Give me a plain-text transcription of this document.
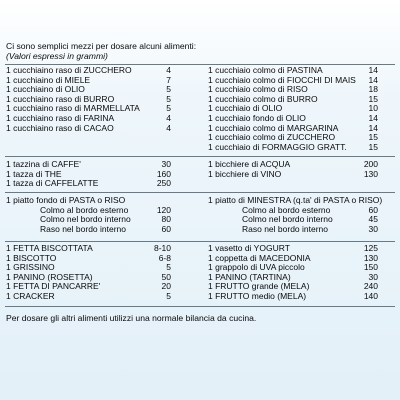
Ci sono semplici mezzi per dosare alcuni alimenti:
(Valori espressi in grammi)
1 cucchiaino raso di ZUCCHERO	4
1 cucchiaino di MIELE	7
1 cucchiaino di OLIO	5
1 cucchiaino raso di BURRO	5
1 cucchiaino raso di MARMELLATA	5
1 cucchiaino raso di FARINA	4
1 cucchiaino raso di CACAO	4
1 cucchiaio colmo di PASTINA	14
1 cucchiaio colmo di FIOCCHI DI MAIS 14
1 cucchiaio colmo di RISO	18
1 cucchiaio colmo di BURRO	15
1 cucchiaio di OLIO	10
1 cucchiaio fondo di OLIO	14
1 cucchiaio colmo di MARGARINA	14
1 cucchiaio colmo di ZUCCHERO	15
1 cucchiaio di FORMAGGIO GRATT.	15
1 tazzina di CAFFE'	30
1 tazza di THE	160
1 tazza di CAFFELATTE	250
1 bicchiere di ACQUA	200
1 bicchiere di VINO	130
1 piatto fondo di PASTA o RISO
Colmo al bordo esterno	120
Colmo nel bordo interno	80
Raso nel bordo interno	60
1 piatto di MINESTRA (q.ta' di PASTA o RISO)
Colmo al bordo esterno	60
Colmo nel bordo interno	45
Raso nel bordo interno	30
1 FETTA BISCOTTATA	8-10
1 BISCOTTO	6-8
1 GRISSINO	5
1 PANINO (ROSETTA)	50
1 FETTA DI PANCARRE'	20
1 CRACKER	5
1 vasetto di YOGURT	125
1 coppetta di MACEDONIA	130
1 grappolo di UVA piccolo	150
1 PANINO (TARTINA)	30
1 FRUTTO grande (MELA)	240
1 FRUTTO medio (MELA)	140
Per dosare gli altri alimenti utilizzi una normale bilancia da cucina.
